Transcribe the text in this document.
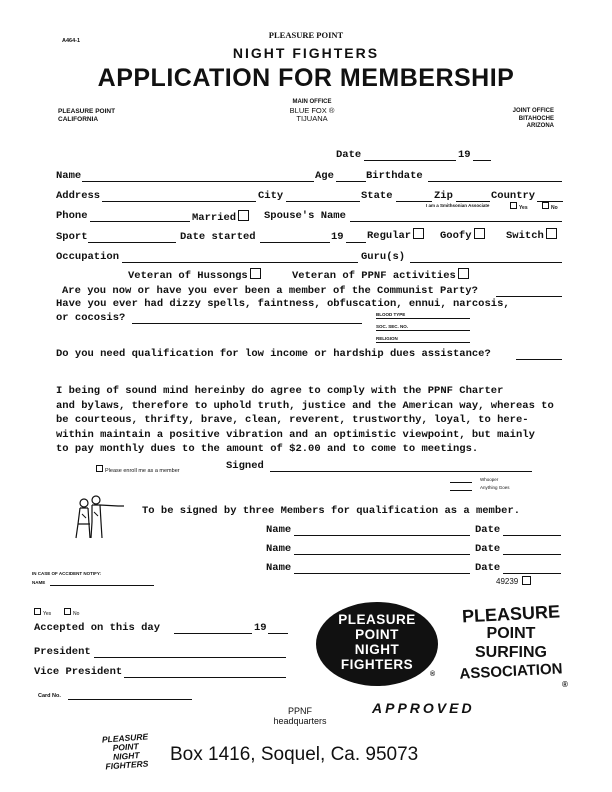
A464-1
PLEASURE POINT
NIGHT FIGHTERS
APPLICATION FOR MEMBERSHIP
PLEASURE POINT
CALIFORNIA
MAIN OFFICE
BLUE FOX ®
TIJUANA
JOINT OFFICE
BITAHOCHE
ARIZONA
Date	19
Name	Age	Birthdate
Address	City	State	Zip	Country
I am a Smithsonian Associate	Yes	No
Phone	Married	Spouse's Name
Sport	Date started	19 Regular	Goofy	Switch
Occupation	Guru(s)
Veteran of Hussongs	Veteran of PPNF activities
Are you now or have you ever been a member of the Communist Party?
Have you ever had dizzy spells, faintness, obfuscation, ennui, narcosis,
or cocosis?	BLOOD TYPE
SOC. SEC. NO.
RELIGION
Do you need qualification for low income or hardship dues assistance?
I being of sound mind hereinby do agree to comply with the PPNF Charter
and bylaws, therefore to uphold truth, justice and the American way, whereas to
be courteous, thrifty, brave, clean, reverent, trustworthy, loyal, to here-
within maintain a positive vibration and an optimistic viewpoint, but mainly
to pay monthly dues to the amount of $2.00 and to come to meetings.
Please enroll me as a member	Signed
Whooper
Anything Goes
To be signed by three Members for qualification as a member.
Name	Date
Name	Date
Name	Date
49239
IN CASE OF ACCIDENT NOTIFY:
NAME
Yes	No
Accepted on this day	19
President
Vice President
Card No.
PLEASURE
POINT
NIGHT
FIGHTERS
®
PLEASURE
POINT
SURFING
ASSOCIATION
®
APPROVED
PPNF
headquarters
PLEASURE
POINT
NIGHT
FIGHTERS	Box 1416, Soquel, Ca. 95073
